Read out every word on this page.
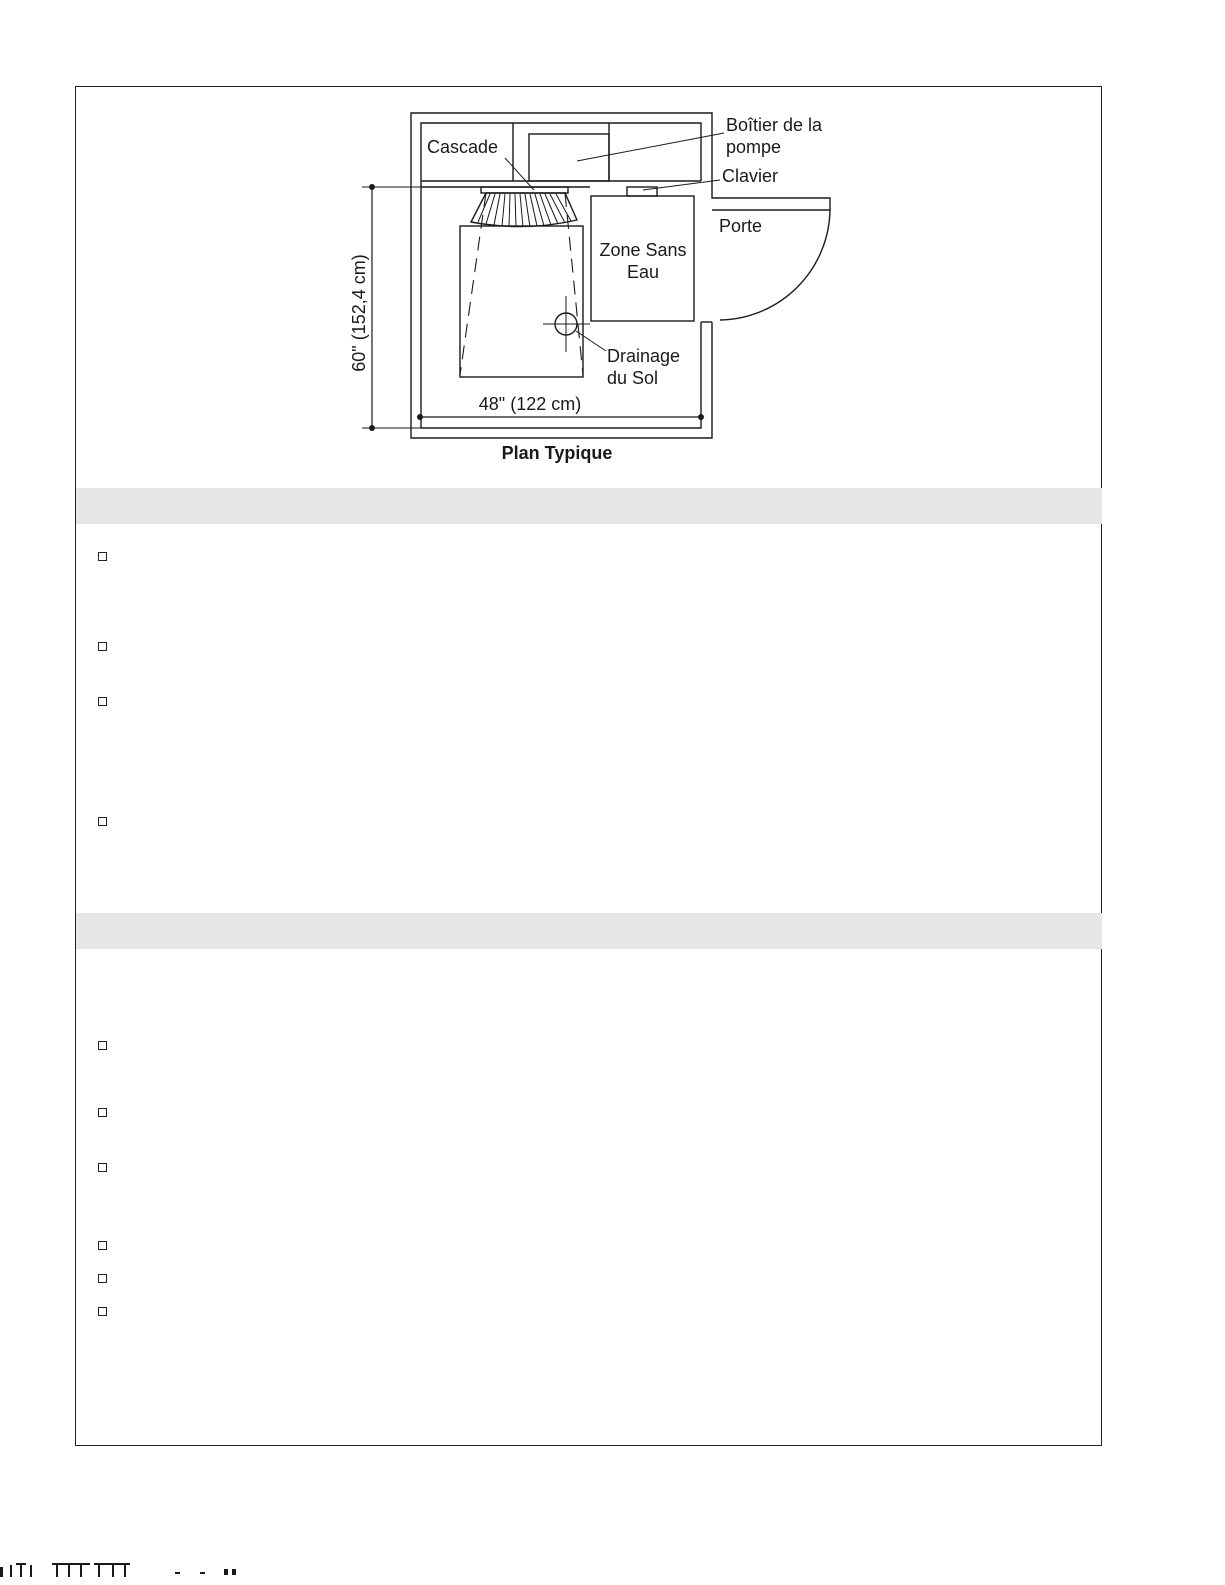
Cascade
Boîtier de la
pompe
Clavier
Porte
Zone Sans
Eau
Drainage
du Sol
48" (122 cm)
60" (152,4 cm)
Plan Typique
